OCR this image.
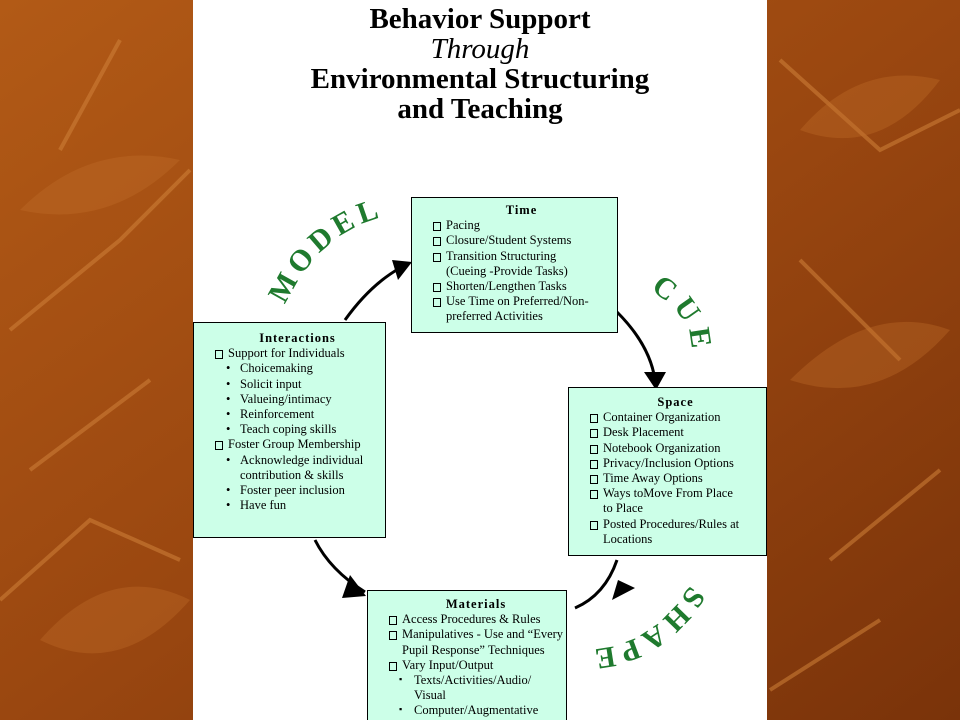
Behavior Support
Through
Environmental Structuring
and Teaching
MODEL
CUE
SHAPE
Time
Pacing
Closure/Student Systems
Transition Structuring
(Cueing -Provide Tasks)
Shorten/Lengthen Tasks
Use Time on Preferred/Non-
preferred Activities
Interactions
Support for Individuals
• Choicemaking
• Solicit input
• Valueing/intimacy
• Reinforcement
• Teach coping skills
Foster Group Membership
• Acknowledge individual
contribution & skills
• Foster peer inclusion
• Have fun
Space
Container Organization
Desk Placement
Notebook Organization
Privacy/Inclusion Options
Time Away Options
Ways toMove From Place
to Place
Posted Procedures/Rules at
Locations
Materials
Access Procedures & Rules
Manipulatives - Use and “Every
Pupil Response” Techniques
Vary Input/Output
▪ Texts/Activities/Audio/
Visual
▪ Computer/Augmentative
